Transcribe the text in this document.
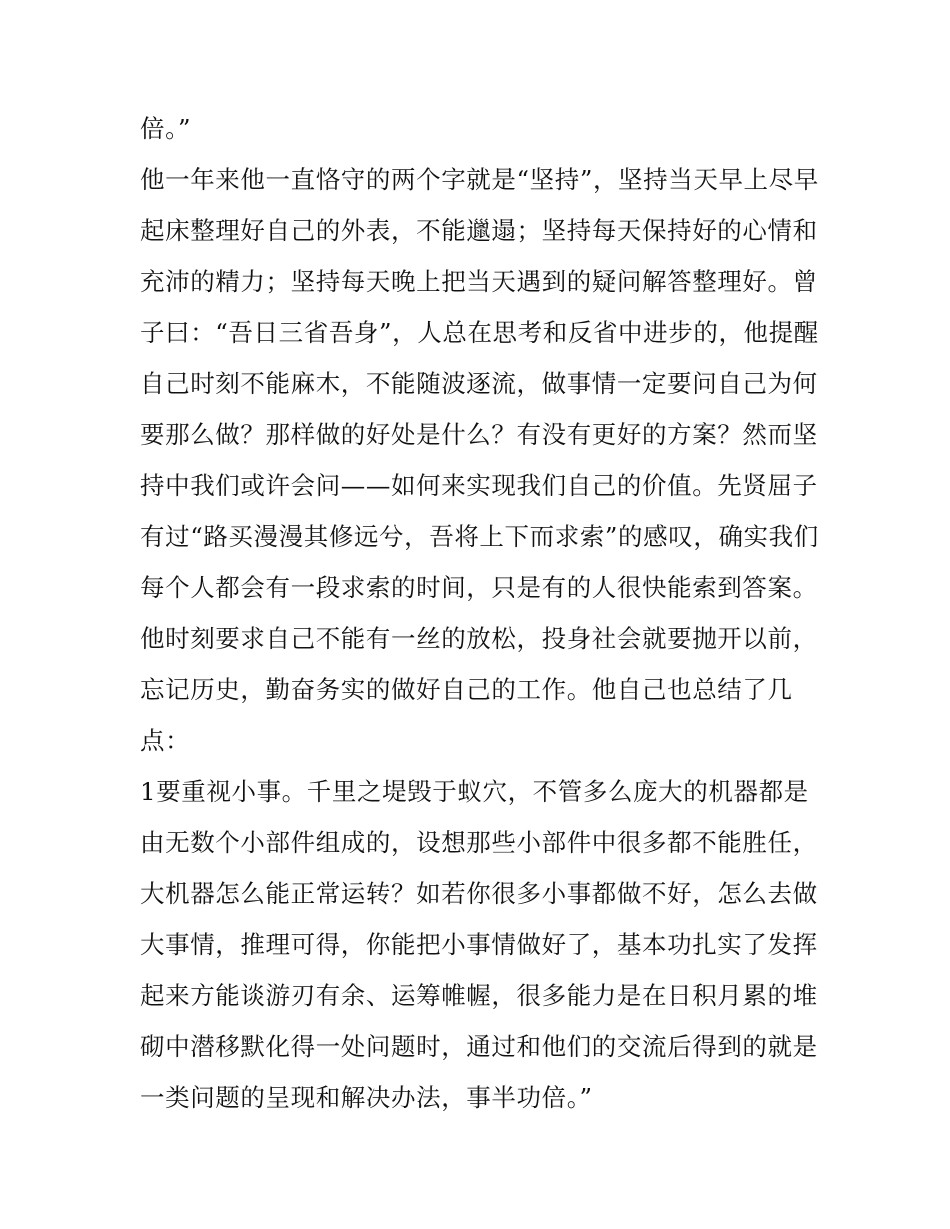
倍。”
他一年来他一直恪守的两个字就是“坚持”，坚持当天早上尽早
起床整理好自己的外表，不能邋遢；坚持每天保持好的心情和
充沛的精力；坚持每天晚上把当天遇到的疑问解答整理好。曾
子曰：“吾日三省吾身”，人总在思考和反省中进步的，他提醒
自己时刻不能麻木，不能随波逐流，做事情一定要问自己为何
要那么做？那样做的好处是什么？有没有更好的方案？然而坚
持中我们或许会问——如何来实现我们自己的价值。先贤屈子
有过“路买漫漫其修远兮，吾将上下而求索”的感叹，确实我们
每个人都会有一段求索的时间，只是有的人很快能索到答案。
他时刻要求自己不能有一丝的放松，投身社会就要抛开以前，
忘记历史，勤奋务实的做好自己的工作。他自己也总结了几
点：
1要重视小事。千里之堤毁于蚁穴，不管多么庞大的机器都是
由无数个小部件组成的，设想那些小部件中很多都不能胜任，
大机器怎么能正常运转？如若你很多小事都做不好，怎么去做
大事情，推理可得，你能把小事情做好了，基本功扎实了发挥
起来方能谈游刃有余、运筹帷幄，很多能力是在日积月累的堆
砌中潜移默化得一处问题时，通过和他们的交流后得到的就是
一类问题的呈现和解决办法，事半功倍。”
